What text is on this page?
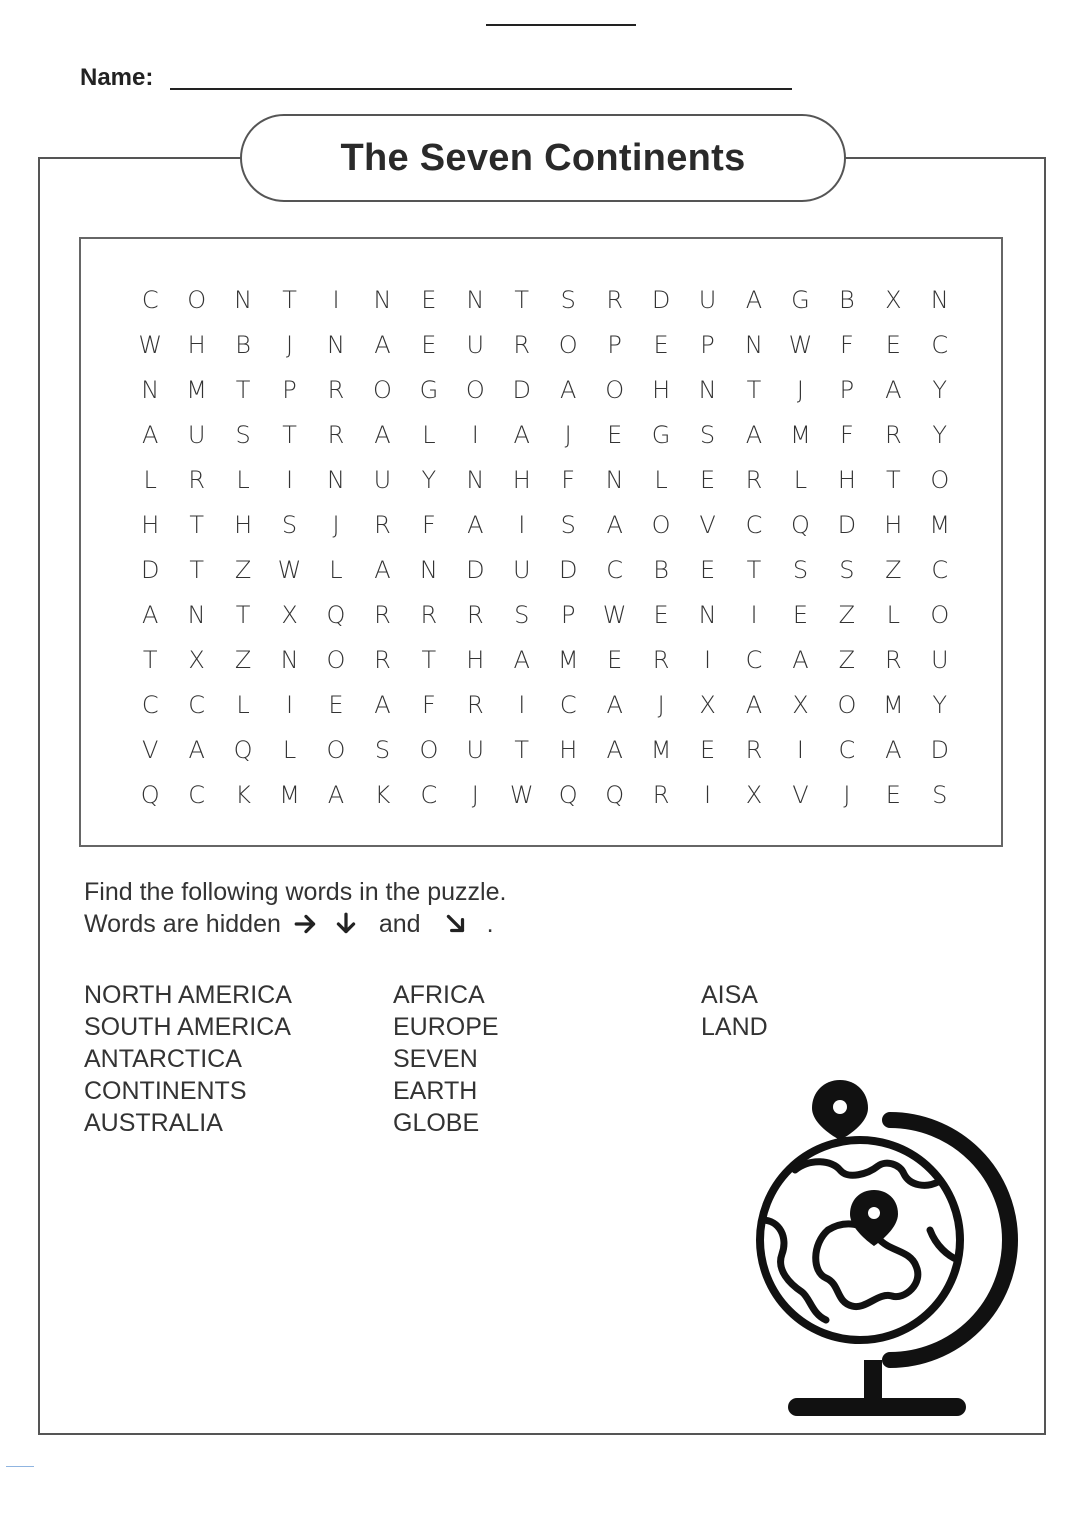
Name:
The Seven Continents
C	O	N	T	I	N	E	N	T	S	R	D	U	A	G	B	X	N
W	H	B	J	N	A	E	U	R	O	P	E	P	N	W	F	E	C
N	M	T	P	R	O	G	O	D	A	O	H	N	T	J	P	A	Y
A	U	S	T	R	A	L	I	A	J	E	G	S	A	M	F	R	Y
L	R	L	I	N	U	Y	N	H	F	N	L	E	R	L	H	T	O
H	T	H	S	J	R	F	A	I	S	A	O	V	C	Q	D	H	M
D	T	Z	W	L	A	N	D	U	D	C	B	E	T	S	S	Z	C
A	N	T	X	Q	R	R	R	S	P	W	E	N	I	E	Z	L	O
T	X	Z	N	O	R	T	H	A	M	E	R	I	C	A	Z	R	U
C	C	L	I	E	A	F	R	I	C	A	J	X	A	X	O	M	Y
V	A	Q	L	O	S	O	U	T	H	A	M	E	R	I	C	A	D
Q	C	K	M	A	K	C	J	W	Q	Q	R	I	X	V	J	E	S
Find the following words in the puzzle.
Words are hidden	and	.
NORTH AMERICA
SOUTH AMERICA
ANTARCTICA
CONTINENTS
AUSTRALIA
AFRICA
EUROPE
SEVEN
EARTH
GLOBE
AISA
LAND
